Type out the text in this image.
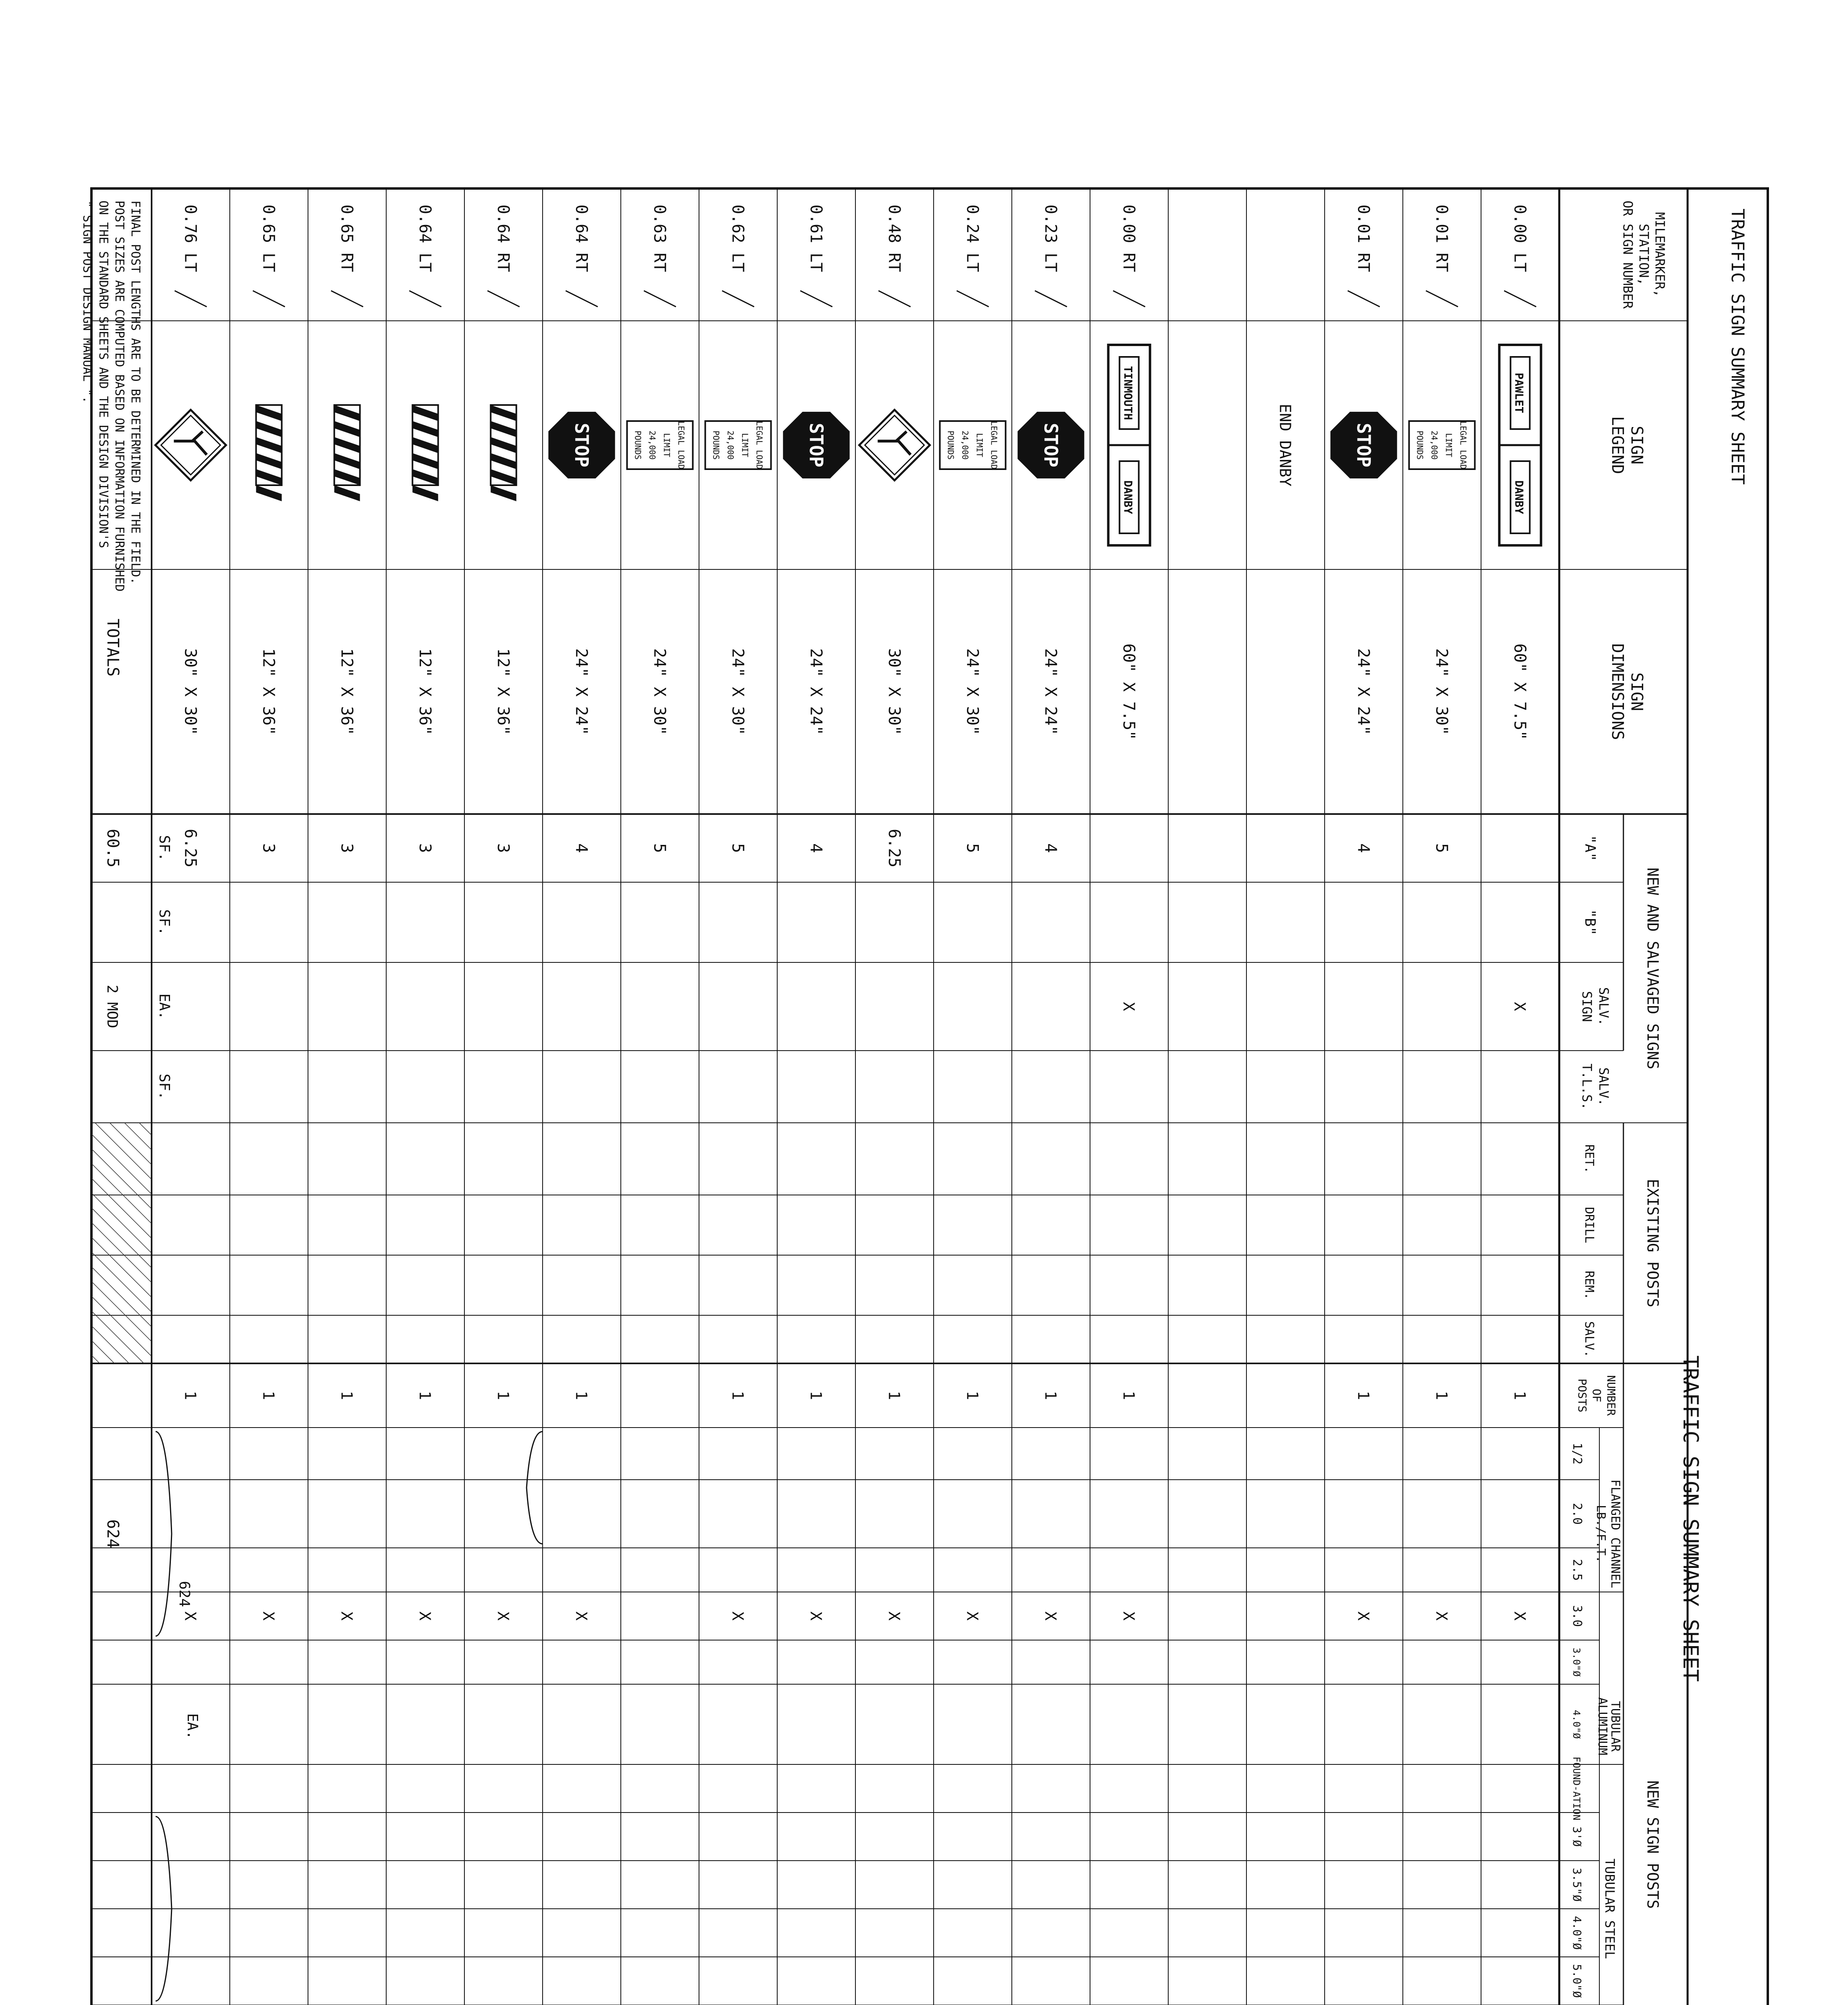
TRAFFIC SIGN SUMMARY SHEET
TRAFFIC SIGN SUMMARY SHEET
MILEMARKER,
STATION,
OR SIGN NUMBER
SIGN
LEGEND
SIGN
DIMENSIONS
NEW AND SALVAGED SIGNS
"A"
"B"
SALV.
SIGN
SALV.
T.L.S.
EXISTING POSTS
RET.
DRILL
REM.
SALV.
NEW SIGN POSTS
NUMBER
OF
POSTS
FLANGED CHANNEL
LB./F.T.
1/2
2.0
2.5
3.0
TUBULAR
ALUMINUM
3.0"Ø
4.0"Ø
FOUND-ATION
TUBULAR STEEL
3'Ø
3.5"Ø
4.0"Ø
5.0"Ø
0.00 LT
PAWLET
DANBY
60" X 7.5"
X
1
X
0.01 RT
LEGAL LOAD
LIMIT
24,000
POUNDS
24" X 30"
5
1
X
0.01 RT
STOP
24" X 24"
4
1
X
END DANBY
0.00 RT
TINMOUTH
DANBY
60" X 7.5"
X
1
X
0.23 LT
STOP
24" X 24"
4
1
X
0.24 LT
LEGAL LOAD
LIMIT
24,000
POUNDS
24" X 30"
5
1
X
0.48 RT
30" X 30"
6.25
1
X
0.61 LT
STOP
24" X 24"
4
1
X
0.62 LT
LEGAL LOAD
LIMIT
24,000
POUNDS
24" X 30"
5
1
X
0.63 RT
LEGAL LOAD
LIMIT
24,000
POUNDS
24" X 30"
5
0.64 RT
STOP
24" X 24"
4
1
X
0.64 RT
12" X 36"
3
1
X
0.64 LT
12" X 36"
3
1
X
0.65 RT
12" X 36"
3
1
X
0.65 LT
12" X 36"
3
1
X
0.76 LT
30" X 30"
6.25
1
X
SF.
SF.
EA.
SF.
EA.
624
FINAL POST LENGTHS ARE TO BE DETERMINED IN THE FIELD.
POST SIZES ARE COMPUTED BASED ON INFORMATION FURNISHED
ON THE STANDARD SHEETS AND THE DESIGN DIVISION'S
" SIGN POST DESIGN MANUAL ".
TOTALS
60.5
2 MOD
624
